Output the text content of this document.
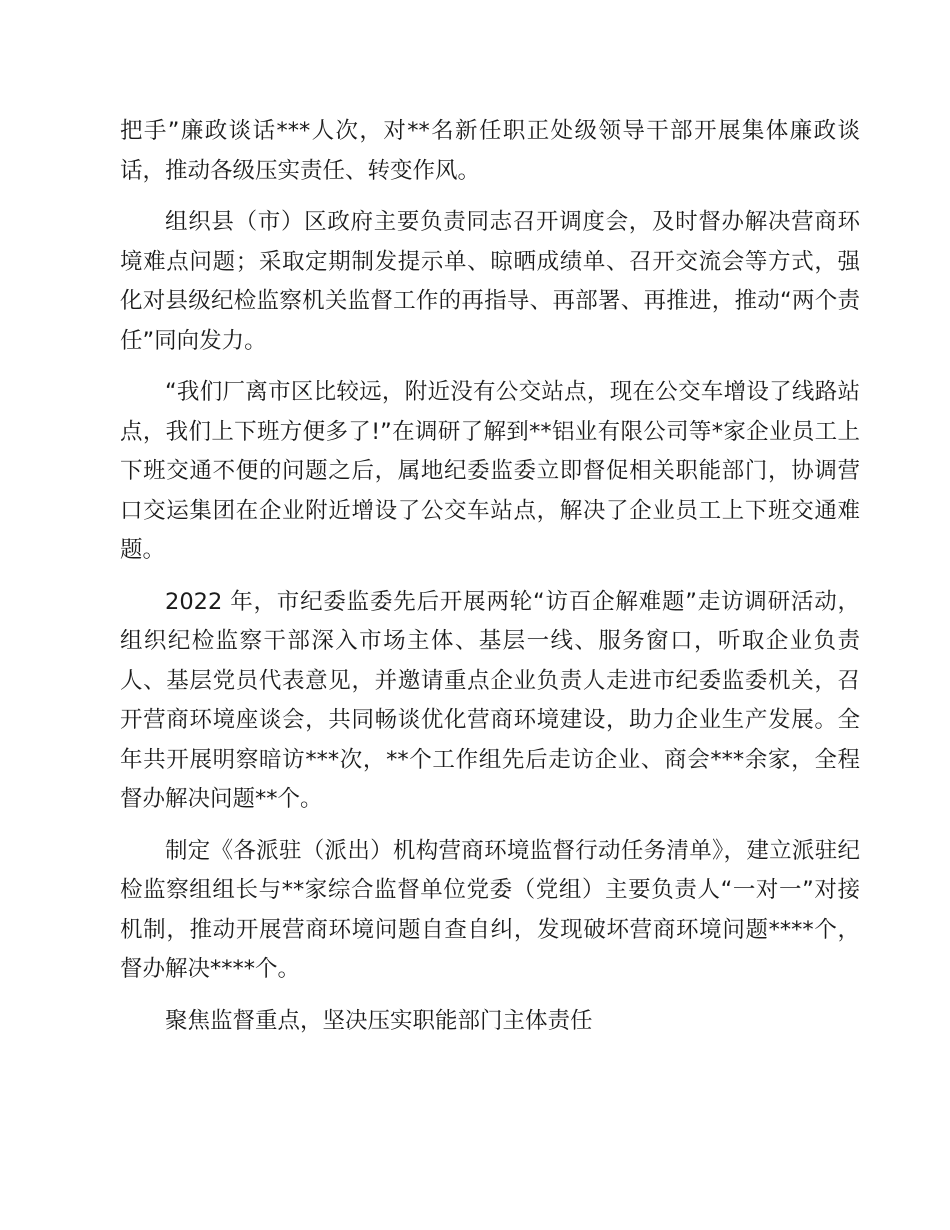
把手”廉政谈话***人次，对**名新任职正处级领导干部开展集体廉政谈话，推动各级压实责任、转变作风。

组织县（市）区政府主要负责同志召开调度会，及时督办解决营商环境难点问题；采取定期制发提示单、晾晒成绩单、召开交流会等方式，强化对县级纪检监察机关监督工作的再指导、再部署、再推进，推动“两个责任”同向发力。

“我们厂离市区比较远，附近没有公交站点，现在公交车增设了线路站点，我们上下班方便多了!”在调研了解到**铝业有限公司等*家企业员工上下班交通不便的问题之后，属地纪委监委立即督促相关职能部门，协调营口交运集团在企业附近增设了公交车站点，解决了企业员工上下班交通难题。

2022 年，市纪委监委先后开展两轮“访百企解难题”走访调研活动，组织纪检监察干部深入市场主体、基层一线、服务窗口，听取企业负责人、基层党员代表意见，并邀请重点企业负责人走进市纪委监委机关，召开营商环境座谈会，共同畅谈优化营商环境建设，助力企业生产发展。全年共开展明察暗访***次，**个工作组先后走访企业、商会***余家，全程督办解决问题**个。

制定《各派驻（派出）机构营商环境监督行动任务清单》，建立派驻纪检监察组组长与**家综合监督单位党委（党组）主要负责人“一对一”对接机制，推动开展营商环境问题自查自纠，发现破坏营商环境问题****个，督办解决****个。

聚焦监督重点，坚决压实职能部门主体责任
